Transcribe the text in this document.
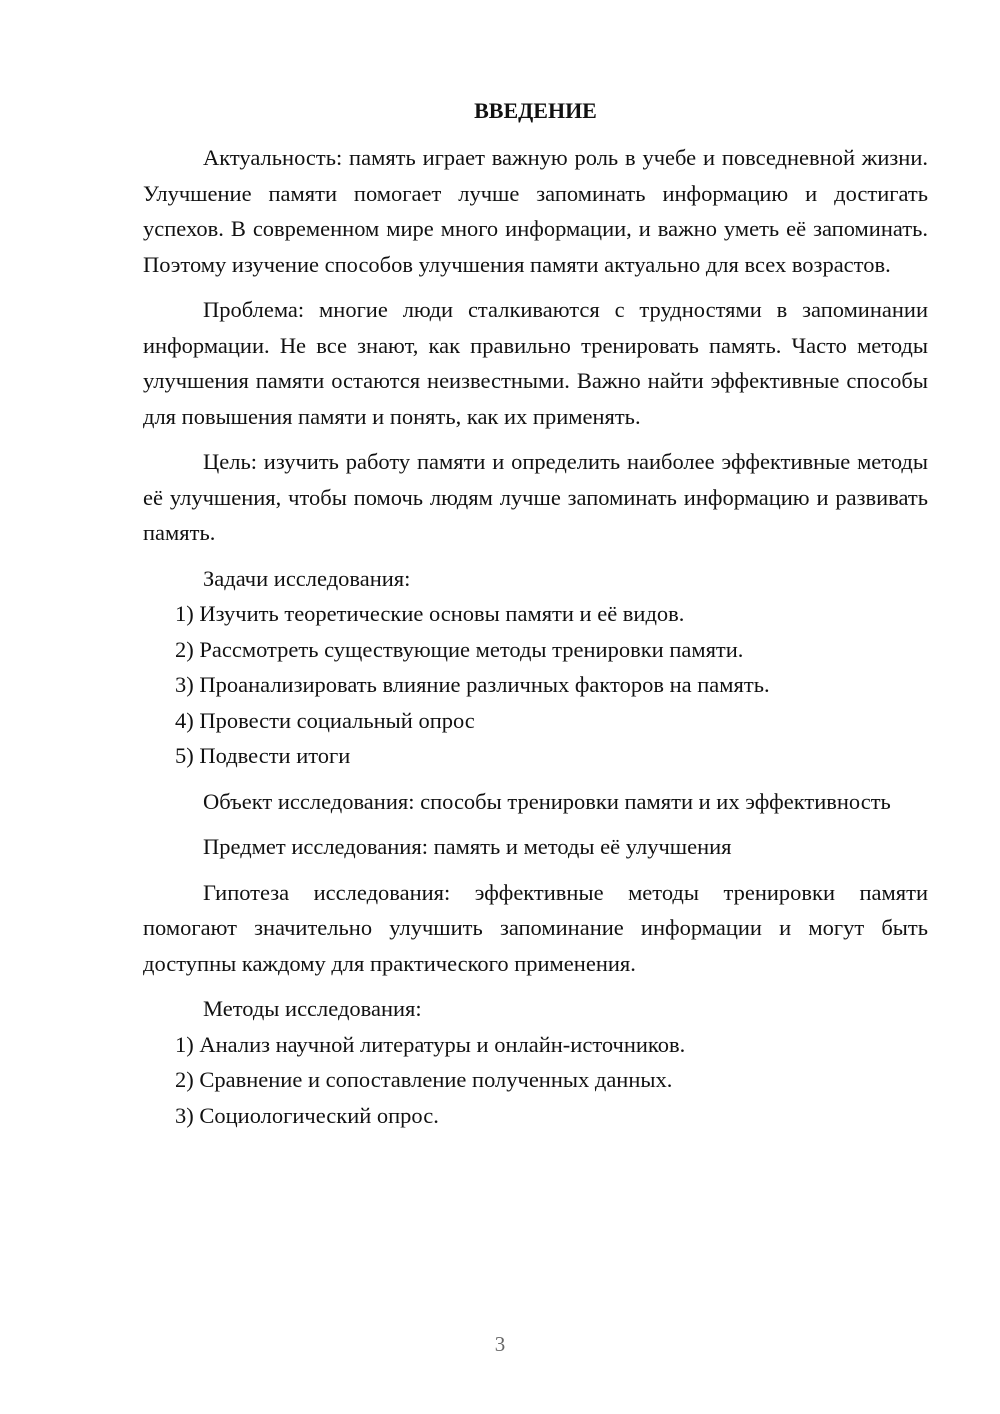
ВВЕДЕНИЕ

Актуальность: память играет важную роль в учебе и повседневной жизни. Улучшение памяти помогает лучше запоминать информацию и достигать успехов. В современном мире много информации, и важно уметь её запоминать. Поэтому изучение способов улучшения памяти актуально для всех возрастов.

Проблема: многие люди сталкиваются с трудностями в запоминании информации. Не все знают, как правильно тренировать память. Часто методы улучшения памяти остаются неизвестными. Важно найти эффективные способы для повышения памяти и понять, как их применять.

Цель: изучить работу памяти и определить наиболее эффективные методы её улучшения, чтобы помочь людям лучше запоминать информацию и развивать память.

Задачи исследования:

1) Изучить теоретические основы памяти и её видов.

2) Рассмотреть существующие методы тренировки памяти.

3) Проанализировать влияние различных факторов на память.

4) Провести социальный опрос

5) Подвести итоги

Объект исследования: способы тренировки памяти и их эффективность

Предмет исследования: память и методы её улучшения

Гипотеза исследования: эффективные методы тренировки памяти помогают значительно улучшить запоминание информации и могут быть доступны каждому для практического применения.

Методы исследования:

1) Анализ научной литературы и онлайн-источников.

2) Сравнение и сопоставление полученных данных.

3) Социологический опрос.

3
